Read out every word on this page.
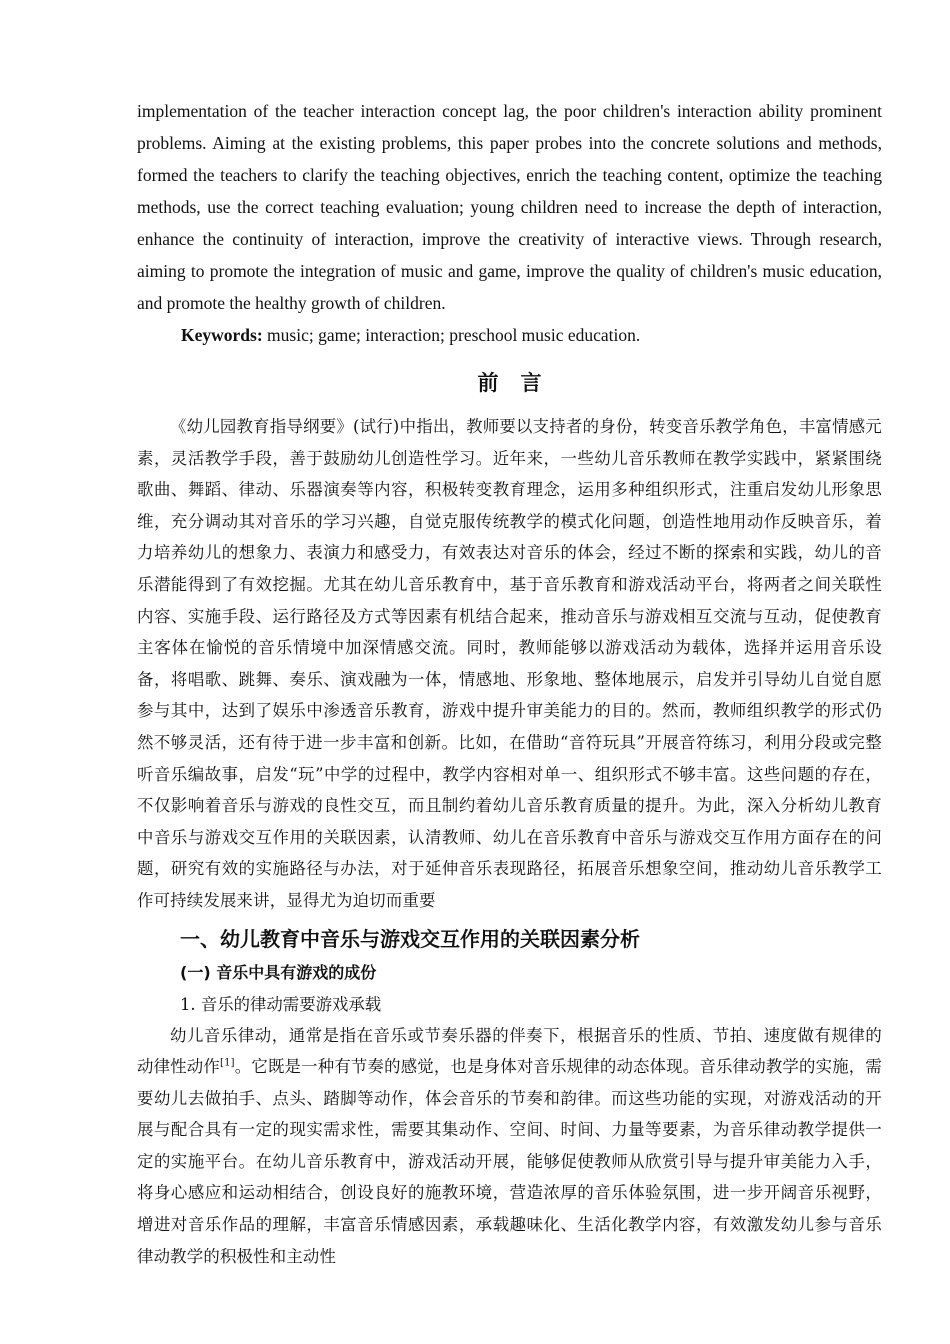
implementation of the teacher interaction concept lag, the poor children's interaction ability prominent problems. Aiming at the existing problems, this paper probes into the concrete solutions and methods, formed the teachers to clarify the teaching objectives, enrich the teaching content, optimize the teaching methods, use the correct teaching evaluation; young children need to increase the depth of interaction, enhance the continuity of interaction, improve the creativity of interactive views. Through research, aiming to promote the integration of music and game, improve the quality of children's music education, and promote the healthy growth of children.

Keywords: music; game; interaction; preschool music education.

前言

《幼儿园教育指导纲要》(试行)中指出，教师要以支持者的身份，转变音乐教学角色，丰富情感元素，灵活教学手段，善于鼓励幼儿创造性学习。近年来，一些幼儿音乐教师在教学实践中，紧紧围绕歌曲、舞蹈、律动、乐器演奏等内容，积极转变教育理念，运用多种组织形式，注重启发幼儿形象思维，充分调动其对音乐的学习兴趣，自觉克服传统教学的模式化问题，创造性地用动作反映音乐，着力培养幼儿的想象力、表演力和感受力，有效表达对音乐的体会，经过不断的探索和实践，幼儿的音乐潜能得到了有效挖掘。尤其在幼儿音乐教育中，基于音乐教育和游戏活动平台，将两者之间关联性内容、实施手段、运行路径及方式等因素有机结合起来，推动音乐与游戏相互交流与互动，促使教育主客体在愉悦的音乐情境中加深情感交流。同时，教师能够以游戏活动为载体，选择并运用音乐设备，将唱歌、跳舞、奏乐、演戏融为一体，情感地、形象地、整体地展示，启发并引导幼儿自觉自愿参与其中，达到了娱乐中渗透音乐教育，游戏中提升审美能力的目的。然而，教师组织教学的形式仍然不够灵活，还有待于进一步丰富和创新。比如，在借助“音符玩具”开展音符练习，利用分段或完整听音乐编故事，启发“玩”中学的过程中，教学内容相对单一、组织形式不够丰富。这些问题的存在，不仅影响着音乐与游戏的良性交互，而且制约着幼儿音乐教育质量的提升。为此，深入分析幼儿教育中音乐与游戏交互作用的关联因素，认清教师、幼儿在音乐教育中音乐与游戏交互作用方面存在的问题，研究有效的实施路径与办法，对于延伸音乐表现路径，拓展音乐想象空间，推动幼儿音乐教学工作可持续发展来讲，显得尤为迫切而重要

一、幼儿教育中音乐与游戏交互作用的关联因素分析
(一) 音乐中具有游戏的成份
1. 音乐的律动需要游戏承载

幼儿音乐律动，通常是指在音乐或节奏乐器的伴奏下，根据音乐的性质、节拍、速度做有规律的动律性动作[1]。它既是一种有节奏的感觉，也是身体对音乐规律的动态体现。音乐律动教学的实施，需要幼儿去做拍手、点头、踏脚等动作，体会音乐的节奏和韵律。而这些功能的实现，对游戏活动的开展与配合具有一定的现实需求性，需要其集动作、空间、时间、力量等要素，为音乐律动教学提供一定的实施平台。在幼儿音乐教育中，游戏活动开展，能够促使教师从欣赏引导与提升审美能力入手，将身心感应和运动相结合，创设良好的施教环境，营造浓厚的音乐体验氛围，进一步开阔音乐视野，增进对音乐作品的理解，丰富音乐情感因素，承载趣味化、生活化教学内容，有效激发幼儿参与音乐律动教学的积极性和主动性
